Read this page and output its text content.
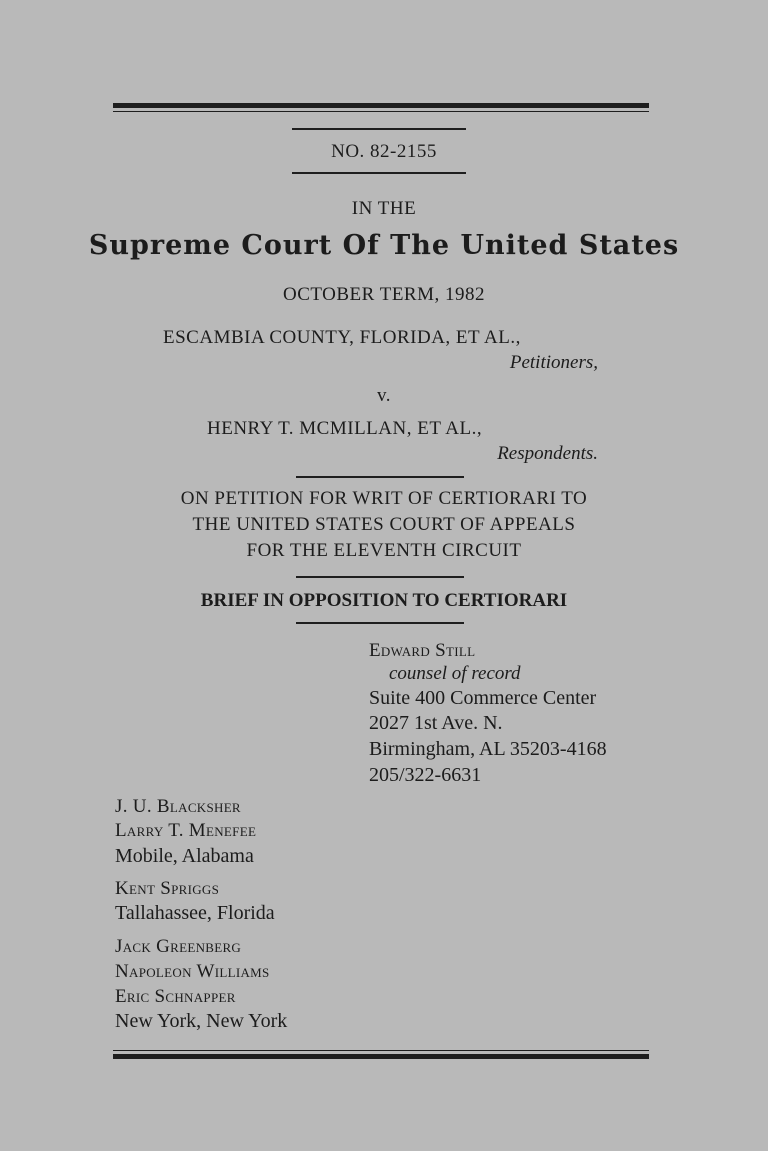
NO. 82-2155
IN THE
Supreme Court Of The United States
OCTOBER TERM, 1982
ESCAMBIA COUNTY, FLORIDA, ET AL.,
Petitioners,
v.
HENRY T. MCMILLAN, ET AL.,
Respondents.
ON PETITION FOR WRIT OF CERTIORARI TO
THE UNITED STATES COURT OF APPEALS
FOR THE ELEVENTH CIRCUIT
BRIEF IN OPPOSITION TO CERTIORARI
Edward Still
counsel of record
Suite 400 Commerce Center
2027 1st Ave. N.
Birmingham, AL 35203-4168
205/322-6631
J. U. Blacksher
Larry T. Menefee
Mobile, Alabama
Kent Spriggs
Tallahassee, Florida
Jack Greenberg
Napoleon Williams
Eric Schnapper
New York, New York
